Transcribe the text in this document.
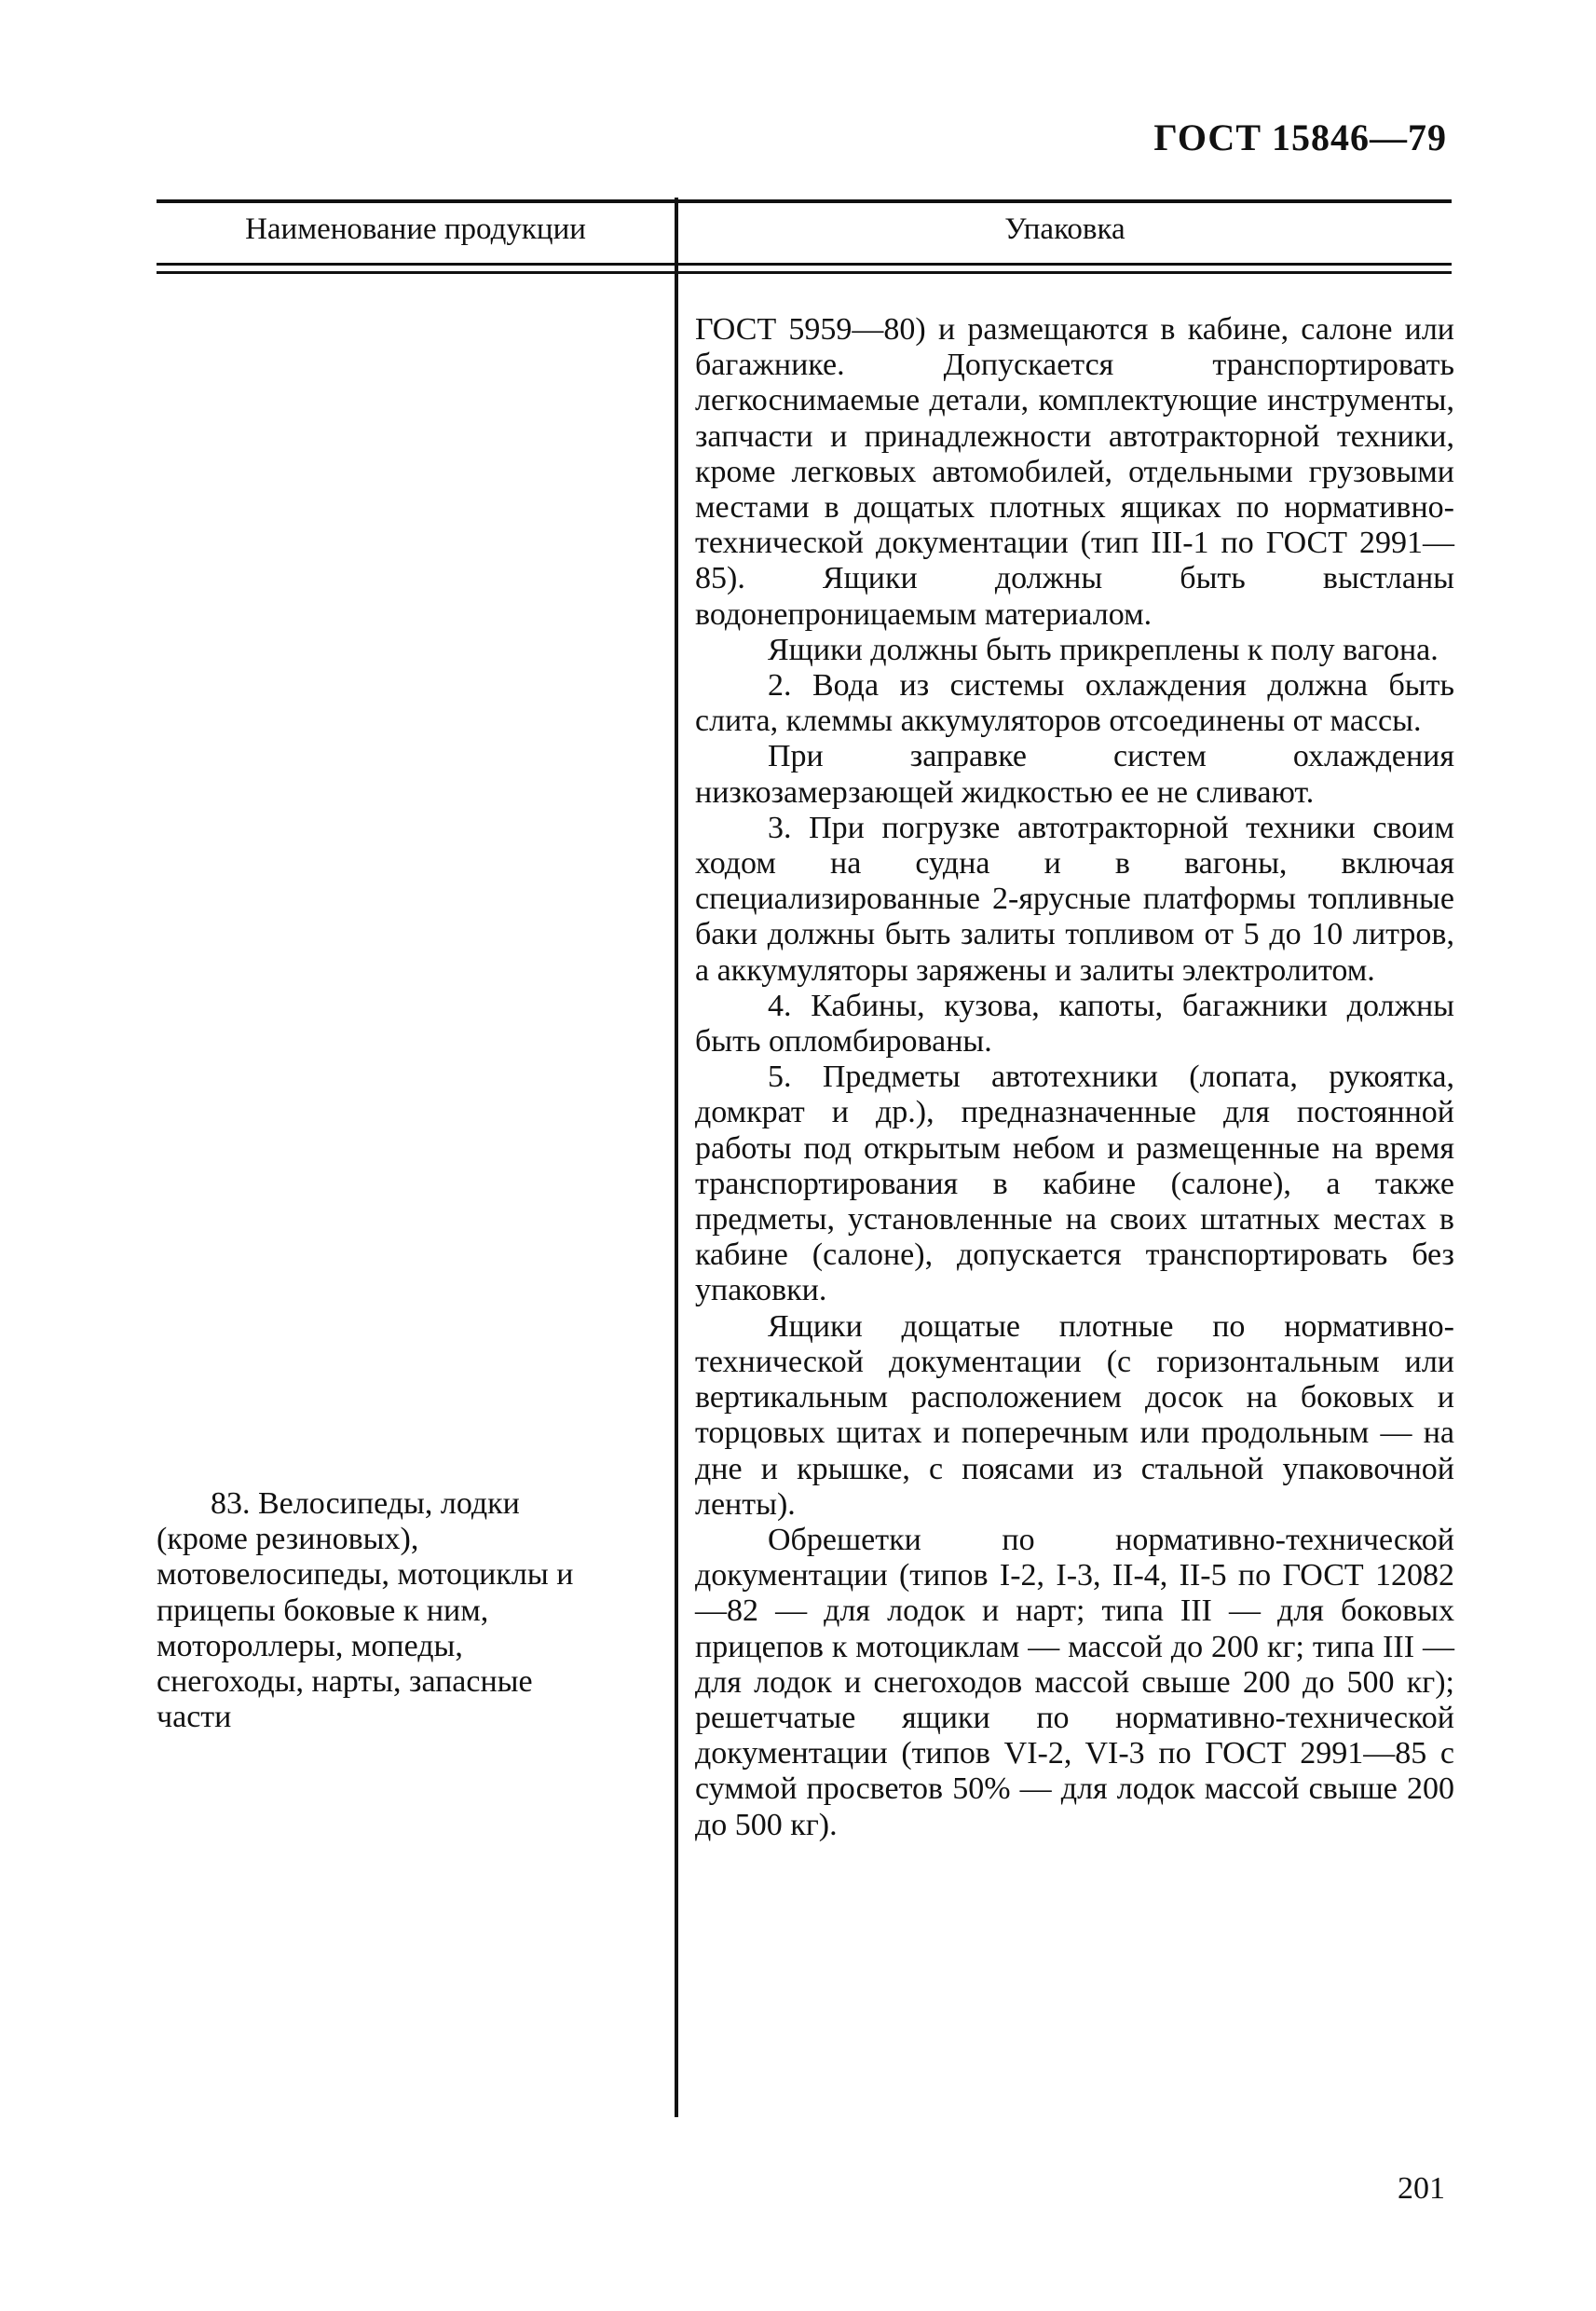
ГОСТ 15846—79
Наименование продукции	Упаковка

ГОСТ 5959—80) и размещаются в кабине, салоне или багажнике. Допускается транспортировать легкоснимаемые детали, комплектующие инструменты, запчасти и принадлежности автотракторной техники, кроме легковых автомобилей, отдельными грузовыми местами в дощатых плотных ящиках по нормативно-технической документации (тип III-1 по ГОСТ 2991—85). Ящики должны быть выстланы водонепроницаемым материалом.

Ящики должны быть прикреплены к полу вагона.

2. Вода из системы охлаждения должна быть слита, клеммы аккумуляторов отсоединены от массы.

При заправке систем охлаждения низкозамерзающей жидкостью ее не сливают.

3. При погрузке автотракторной техники своим ходом на судна и в вагоны, включая специализированные 2-ярусные платформы топливные баки должны быть залиты топливом от 5 до 10 литров, а аккумуляторы заряжены и залиты электролитом.

4. Кабины, кузова, капоты, багажники должны быть опломбированы.

5. Предметы автотехники (лопата, рукоятка, домкрат и др.), предназначенные для постоянной работы под открытым небом и размещенные на время транспортирования в кабине (салоне), а также предметы, установленные на своих штатных местах в кабине (салоне), допускается транспортировать без упаковки.

Ящики дощатые плотные по нормативно-технической документации (с горизонтальным или вертикальным расположением досок на боковых и торцовых щитах и поперечным или продольным — на дне и крышке, с поясами из стальной упаковочной ленты).

Обрешетки по нормативно-технической документации (типов I-2, I-3, II-4, II-5 по ГОСТ 12082—82 — для лодок и нарт; типа III — для боковых прицепов к мотоциклам — массой до 200 кг; типа III — для лодок и снегоходов массой свыше 200 до 500 кг); решетчатые ящики по нормативно-технической документации (типов VI-2, VI-3 по ГОСТ 2991—85 с суммой просветов 50% — для лодок массой свыше 200 до 500 кг).

83. Велосипеды, лодки (кроме резиновых), мотовелосипеды, мотоциклы и прицепы боковые к ним, мотороллеры, мопеды, снегоходы, нарты, запасные части

201
